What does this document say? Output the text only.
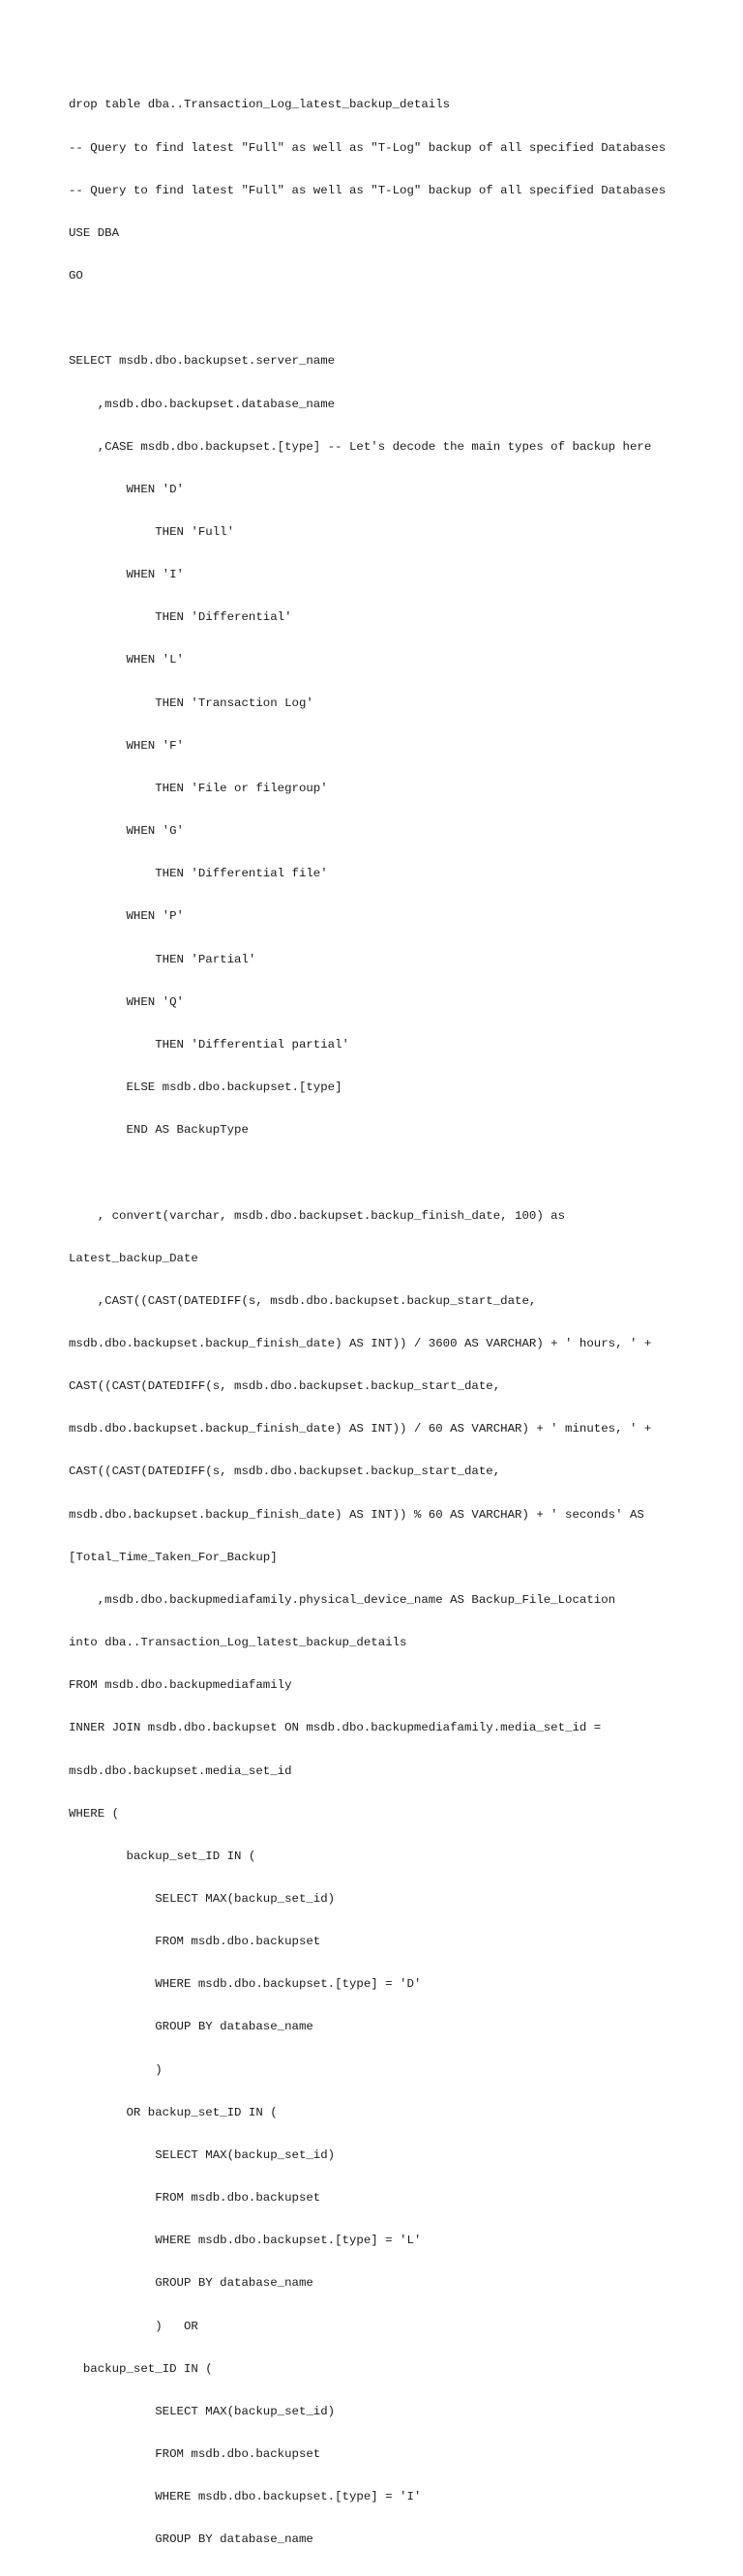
drop table dba..Transaction_Log_latest_backup_details

-- Query to find latest "Full" as well as "T-Log" backup of all specified Databases

-- Query to find latest "Full" as well as "T-Log" backup of all specified Databases

USE DBA

GO

SELECT msdb.dbo.backupset.server_name

,msdb.dbo.backupset.database_name

,CASE msdb.dbo.backupset.[type] -- Let's decode the main types of backup here

WHEN 'D'

THEN 'Full'

WHEN 'I'

THEN 'Differential'

WHEN 'L'

THEN 'Transaction Log'

WHEN 'F'

THEN 'File or filegroup'

WHEN 'G'

THEN 'Differential file'

WHEN 'P'

THEN 'Partial'

WHEN 'Q'

THEN 'Differential partial'

ELSE msdb.dbo.backupset.[type]

END AS BackupType

, convert(varchar, msdb.dbo.backupset.backup_finish_date, 100) as

Latest_backup_Date

,CAST((CAST(DATEDIFF(s, msdb.dbo.backupset.backup_start_date,

msdb.dbo.backupset.backup_finish_date) AS INT)) / 3600 AS VARCHAR) + ' hours, ' +

CAST((CAST(DATEDIFF(s, msdb.dbo.backupset.backup_start_date,

msdb.dbo.backupset.backup_finish_date) AS INT)) / 60 AS VARCHAR) + ' minutes, ' +

CAST((CAST(DATEDIFF(s, msdb.dbo.backupset.backup_start_date,

msdb.dbo.backupset.backup_finish_date) AS INT)) % 60 AS VARCHAR) + ' seconds' AS

[Total_Time_Taken_For_Backup]

,msdb.dbo.backupmediafamily.physical_device_name AS Backup_File_Location

into dba..Transaction_Log_latest_backup_details

FROM msdb.dbo.backupmediafamily

INNER JOIN msdb.dbo.backupset ON msdb.dbo.backupmediafamily.media_set_id =

msdb.dbo.backupset.media_set_id

WHERE (

backup_set_ID IN (

SELECT MAX(backup_set_id)

FROM msdb.dbo.backupset

WHERE msdb.dbo.backupset.[type] = 'D'

GROUP BY database_name

)

OR backup_set_ID IN (

SELECT MAX(backup_set_id)

FROM msdb.dbo.backupset

WHERE msdb.dbo.backupset.[type] = 'L'

GROUP BY database_name

)   OR

backup_set_ID IN (

SELECT MAX(backup_set_id)

FROM msdb.dbo.backupset

WHERE msdb.dbo.backupset.[type] = 'I'

GROUP BY database_name
